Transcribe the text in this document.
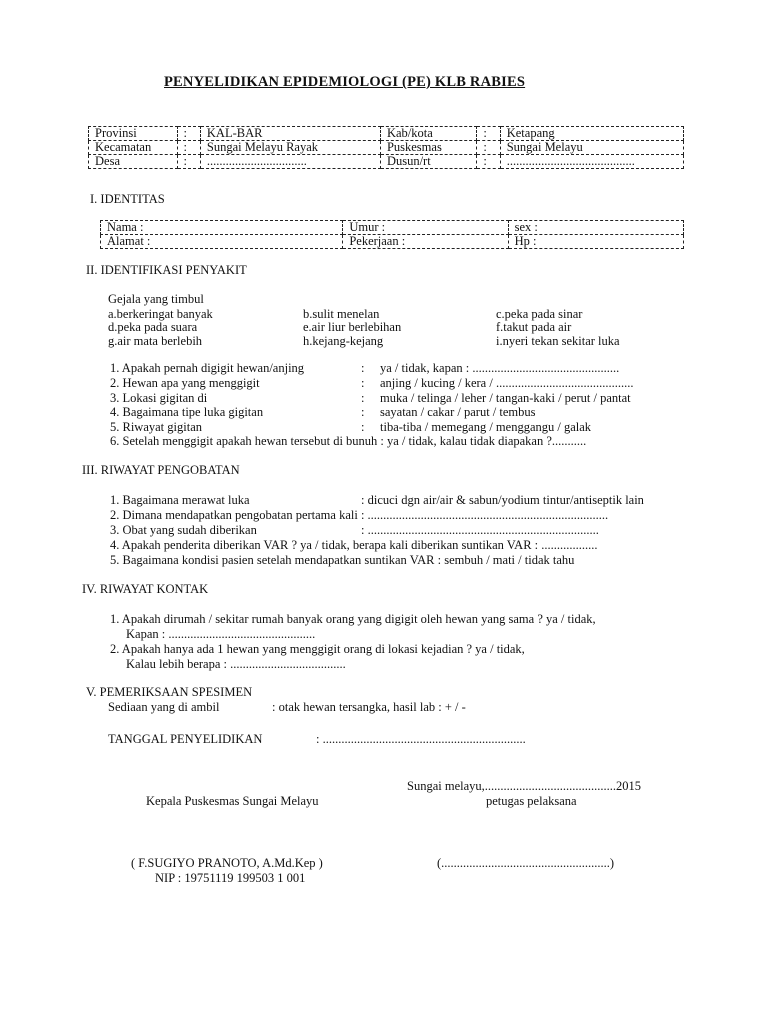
PENYELIDIKAN EPIDEMIOLOGI (PE) KLB RABIES
Provinsi	:	KAL-BAR	Kab/kota	:	Ketapang
Kecamatan	:	Sungai Melayu Rayak	Puskesmas	:	Sungai Melayu
Desa	:	................................	Dusun/rt	:	.........................................
I. IDENTITAS
Nama :	Umur :	sex :
Alamat :	Pekerjaan :	Hp :
II. IDENTIFIKASI PENYAKIT
Gejala yang timbul
a.berkeringat banyak	b.sulit menelan	c.peka pada sinar
d.peka pada suara	e.air liur berlebihan	f.takut pada air
g.air mata berlebih	h.kejang-kejang	i.nyeri tekan sekitar luka
1. Apakah pernah digigit hewan/anjing	: ya / tidak, kapan : ...............................................
2. Hewan apa yang menggigit	: anjing / kucing / kera / ............................................
3. Lokasi gigitan di	: muka / telinga / leher / tangan-kaki / perut / pantat
4. Bagaimana tipe luka gigitan	: sayatan / cakar / parut / tembus
5. Riwayat gigitan	: tiba-tiba / memegang / menggangu / galak
6. Setelah menggigit apakah hewan tersebut di bunuh : ya / tidak, kalau tidak diapakan ?...........
III. RIWAYAT PENGOBATAN
1. Bagaimana merawat luka	: dicuci dgn air/air & sabun/yodium tintur/antiseptik lain
2. Dimana mendapatkan pengobatan pertama kali : .............................................................................
3. Obat yang sudah diberikan	: ..........................................................................
4. Apakah penderita diberikan VAR ? ya / tidak, berapa kali diberikan suntikan VAR : ..................
5. Bagaimana kondisi pasien setelah mendapatkan suntikan VAR : sembuh / mati / tidak tahu
IV. RIWAYAT KONTAK
1. Apakah dirumah / sekitar rumah banyak orang yang digigit oleh hewan yang sama ? ya / tidak,
Kapan : ...............................................
2. Apakah hanya ada 1 hewan yang menggigit orang di lokasi kejadian ? ya / tidak,
Kalau lebih berapa : .....................................
V. PEMERIKSAAN SPESIMEN
Sediaan yang di ambil	: otak hewan tersangka, hasil lab : + / -
TANGGAL PENYELIDIKAN	: .................................................................
Sungai melayu,..........................................2015
Kepala Puskesmas Sungai Melayu	petugas pelaksana
( F.SUGIYO PRANOTO, A.Md.Kep )
NIP : 19751119 199503 1 001
(......................................................)
